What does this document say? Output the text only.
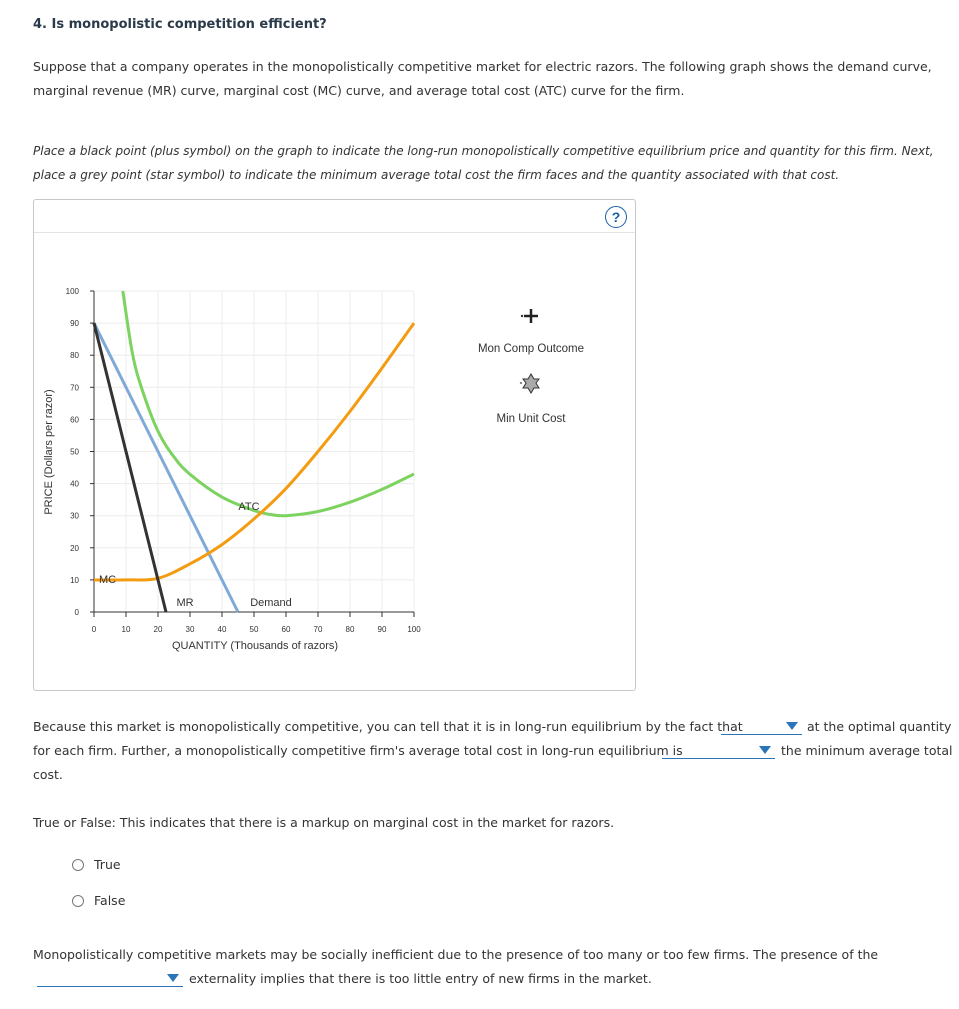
4. Is monopolistic competition efficient?
Suppose that a company operates in the monopolistically competitive market for electric razors. The following graph shows the demand curve,
marginal revenue (MR) curve, marginal cost (MC) curve, and average total cost (ATC) curve for the firm.
Place a black point (plus symbol) on the graph to indicate the long-run monopolistically competitive equilibrium price and quantity for this firm. Next,
place a grey point (star symbol) to indicate the minimum average total cost the firm faces and the quantity associated with that cost.
?
0
10
20
30
40
50
60
70
80
90
100
0	10	20	30	40	50	60	70	80	90	100
QUANTITY (Thousands of razors)
PRICE (Dollars per razor)	ATC
Demand
MR
MC
Mon Comp Outcome
Min Unit Cost
Because this market is monopolistically competitive, you can tell that it is in long-run equilibrium by the fact that	at the optimal quantity
for each firm. Further, a monopolistically competitive firm's average total cost in long-run equilibrium is	the minimum average total
cost.
True or False: This indicates that there is a markup on marginal cost in the market for razors.
True
False
Monopolistically competitive markets may be socially inefficient due to the presence of too many or too few firms. The presence of the
externality implies that there is too little entry of new firms in the market.
